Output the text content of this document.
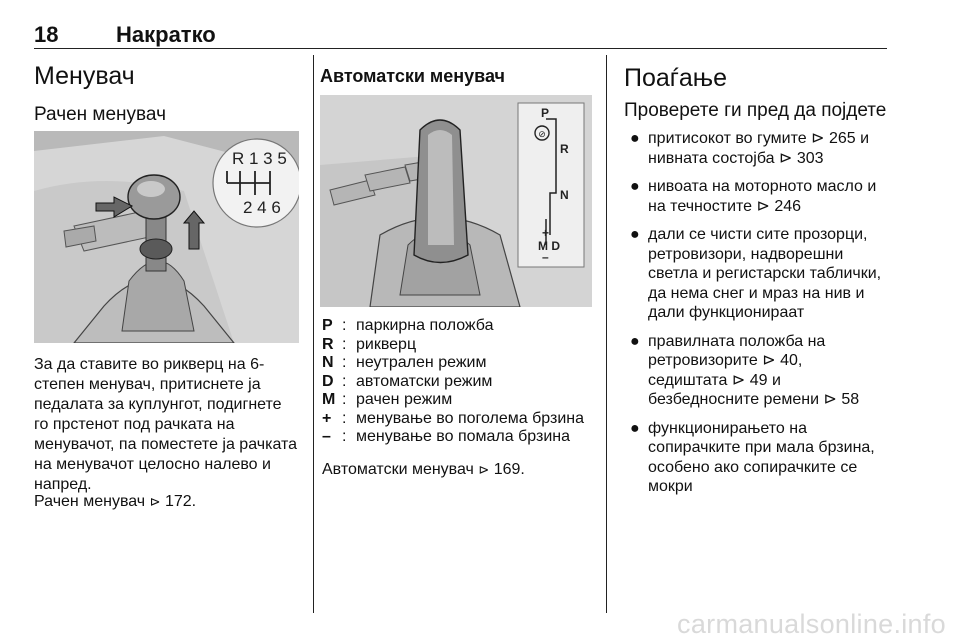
18	Накратко
Менувач
Рачен менувач
R 1 3 5
2 4 6
За да ставите во рикверц на 6-
степен менувач, притиснете ја
педалата за куплунгот, подигнете
го прстенот под рачката на
менувачот, па поместете ја рачката
на менувачот целосно налево и
напред.
Рачен менувач ⊳ 172.
Автоматски менувач
⊘
P
R
N
+
M D
–
P : паркирна положба
R : рикверц
N : неутрален режим
D : автоматски режим
M : рачен режим
+ : менување во поголема брзина
– : менување во помала брзина
Автоматски менувач ⊳ 169.
Поаѓање
Проверете ги пред да појдете
● притисокот во гумите ⊳ 265 и
нивната состојба ⊳ 303
● нивоата на моторното масло и
на течностите ⊳ 246
● дали се чисти сите прозорци,
ретровизори, надворешни
светла и регистарски таблички,
да нема снег и мраз на нив и
дали функционираат
● правилната положба на
ретровизорите ⊳ 40,
седиштата ⊳ 49 и
безбедносните ремени ⊳ 58
● функционирањето на
сопирачките при мала брзина,
особено ако сопирачките се
мокри
carmanualsonline.info
